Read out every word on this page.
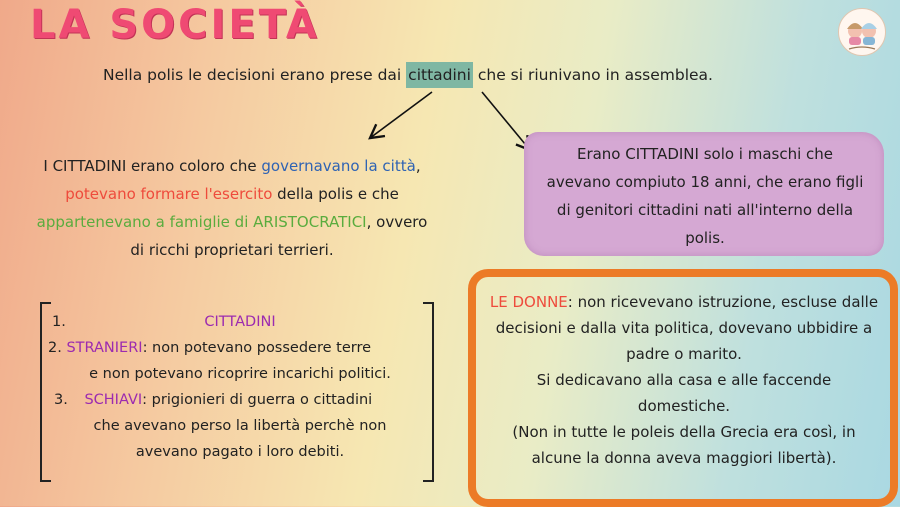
LA SOCIETÀ
Nella polis le decisioni erano prese dai cittadini che si riunivano in assemblea.
I CITTADINI erano coloro che governavano la città,
potevano formare l'esercito della polis e che
appartenevano a famiglie di ARISTOCRATICI, ovvero
di ricchi proprietari terrieri.
Erano CITTADINI solo i maschi che
avevano compiuto 18 anni, che erano figli
di genitori cittadini nati all'interno della
polis.
1.	CITTADINI
2. STRANIERI: non potevano possedere terre
e non potevano ricoprire incarichi politici.
3. SCHIAVI: prigionieri di guerra o cittadini
che avevano perso la libertà perchè non
avevano pagato i loro debiti.
LE DONNE: non ricevevano istruzione, escluse dalle
decisioni e dalla vita politica, dovevano ubbidire a
padre o marito.
Si dedicavano alla casa e alle faccende
domestiche.
(Non in tutte le poleis della Grecia era così, in
alcune la donna aveva maggiori libertà).
